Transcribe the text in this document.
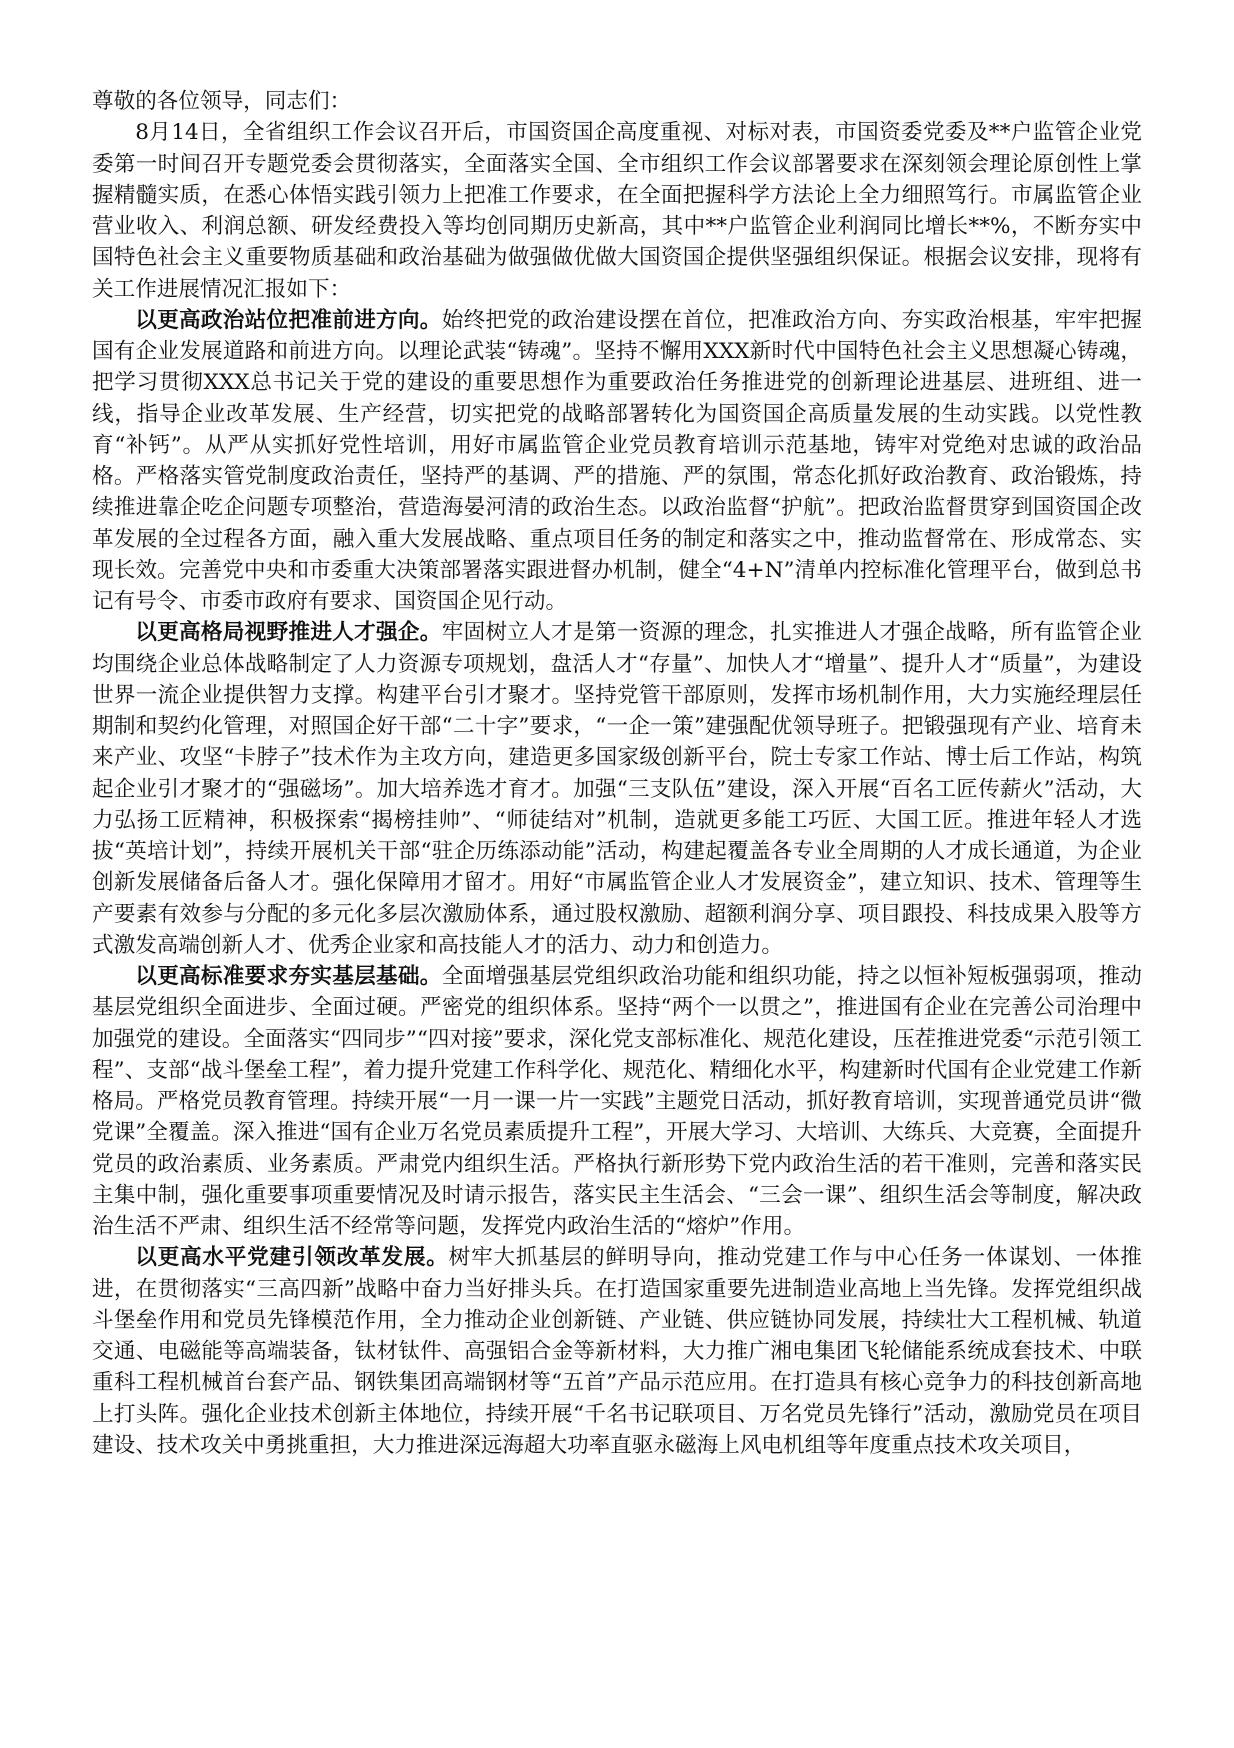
尊敬的各位领导，同志们：

8月14日，全省组织工作会议召开后，市国资国企高度重视、对标对表，市国资委党委及**户监管企业党委第一时间召开专题党委会贯彻落实，全面落实全国、全市组织工作会议部署要求在深刻领会理论原创性上掌握精髓实质，在悉心体悟实践引领力上把准工作要求，在全面把握科学方法论上全力细照笃行。市属监管企业营业收入、利润总额、研发经费投入等均创同期历史新高，其中**户监管企业利润同比增长**%，不断夯实中国特色社会主义重要物质基础和政治基础为做强做优做大国资国企提供坚强组织保证。根据会议安排，现将有关工作进展情况汇报如下：

以更高政治站位把准前进方向。始终把党的政治建设摆在首位，把准政治方向、夯实政治根基，牢牢把握国有企业发展道路和前进方向。以理论武装“铸魂”。坚持不懈用XXX新时代中国特色社会主义思想凝心铸魂，把学习贯彻XXX总书记关于党的建设的重要思想作为重要政治任务推进党的创新理论进基层、进班组、进一线，指导企业改革发展、生产经营，切实把党的战略部署转化为国资国企高质量发展的生动实践。以党性教育“补钙”。从严从实抓好党性培训，用好市属监管企业党员教育培训示范基地，铸牢对党绝对忠诚的政治品格。严格落实管党制度政治责任，坚持严的基调、严的措施、严的氛围，常态化抓好政治教育、政治锻炼，持续推进靠企吃企问题专项整治，营造海晏河清的政治生态。以政治监督“护航”。把政治监督贯穿到国资国企改革发展的全过程各方面，融入重大发展战略、重点项目任务的制定和落实之中，推动监督常在、形成常态、实现长效。完善党中央和市委重大决策部署落实跟进督办机制，健全“4+N”清单内控标准化管理平台，做到总书记有号令、市委市政府有要求、国资国企见行动。

以更高格局视野推进人才强企。牢固树立人才是第一资源的理念，扎实推进人才强企战略，所有监管企业均围绕企业总体战略制定了人力资源专项规划，盘活人才“存量”、加快人才“增量”、提升人才“质量”，为建设世界一流企业提供智力支撑。构建平台引才聚才。坚持党管干部原则，发挥市场机制作用，大力实施经理层任期制和契约化管理，对照国企好干部“二十字”要求，“一企一策”建强配优领导班子。把锻强现有产业、培育未来产业、攻坚“卡脖子”技术作为主攻方向，建造更多国家级创新平台，院士专家工作站、博士后工作站，构筑起企业引才聚才的“强磁场”。加大培养选才育才。加强“三支队伍”建设，深入开展“百名工匠传薪火”活动，大力弘扬工匠精神，积极探索“揭榜挂帅”、“师徒结对”机制，造就更多能工巧匠、大国工匠。推进年轻人才选拔“英培计划”，持续开展机关干部“驻企历练添动能”活动，构建起覆盖各专业全周期的人才成长通道，为企业创新发展储备后备人才。强化保障用才留才。用好“市属监管企业人才发展资金”，建立知识、技术、管理等生产要素有效参与分配的多元化多层次激励体系，通过股权激励、超额利润分享、项目跟投、科技成果入股等方式激发高端创新人才、优秀企业家和高技能人才的活力、动力和创造力。

以更高标准要求夯实基层基础。全面增强基层党组织政治功能和组织功能，持之以恒补短板强弱项，推动基层党组织全面进步、全面过硬。严密党的组织体系。坚持“两个一以贯之”，推进国有企业在完善公司治理中加强党的建设。全面落实“四同步”“四对接”要求，深化党支部标准化、规范化建设，压茬推进党委“示范引领工程”、支部“战斗堡垒工程”，着力提升党建工作科学化、规范化、精细化水平，构建新时代国有企业党建工作新格局。严格党员教育管理。持续开展“一月一课一片一实践”主题党日活动，抓好教育培训，实现普通党员讲“微党课”全覆盖。深入推进“国有企业万名党员素质提升工程”，开展大学习、大培训、大练兵、大竞赛，全面提升党员的政治素质、业务素质。严肃党内组织生活。严格执行新形势下党内政治生活的若干准则，完善和落实民主集中制，强化重要事项重要情况及时请示报告，落实民主生活会、“三会一课”、组织生活会等制度，解决政治生活不严肃、组织生活不经常等问题，发挥党内政治生活的“熔炉”作用。

以更高水平党建引领改革发展。树牢大抓基层的鲜明导向，推动党建工作与中心任务一体谋划、一体推进，在贯彻落实“三高四新”战略中奋力当好排头兵。在打造国家重要先进制造业高地上当先锋。发挥党组织战斗堡垒作用和党员先锋模范作用，全力推动企业创新链、产业链、供应链协同发展，持续壮大工程机械、轨道交通、电磁能等高端装备，钛材钛件、高强铝合金等新材料，大力推广湘电集团飞轮储能系统成套技术、中联重科工程机械首台套产品、钢铁集团高端钢材等“五首”产品示范应用。在打造具有核心竞争力的科技创新高地上打头阵。强化企业技术创新主体地位，持续开展“千名书记联项目、万名党员先锋行”活动，激励党员在项目建设、技术攻关中勇挑重担，大力推进深远海超大功率直驱永磁海上风电机组等年度重点技术攻关项目，
